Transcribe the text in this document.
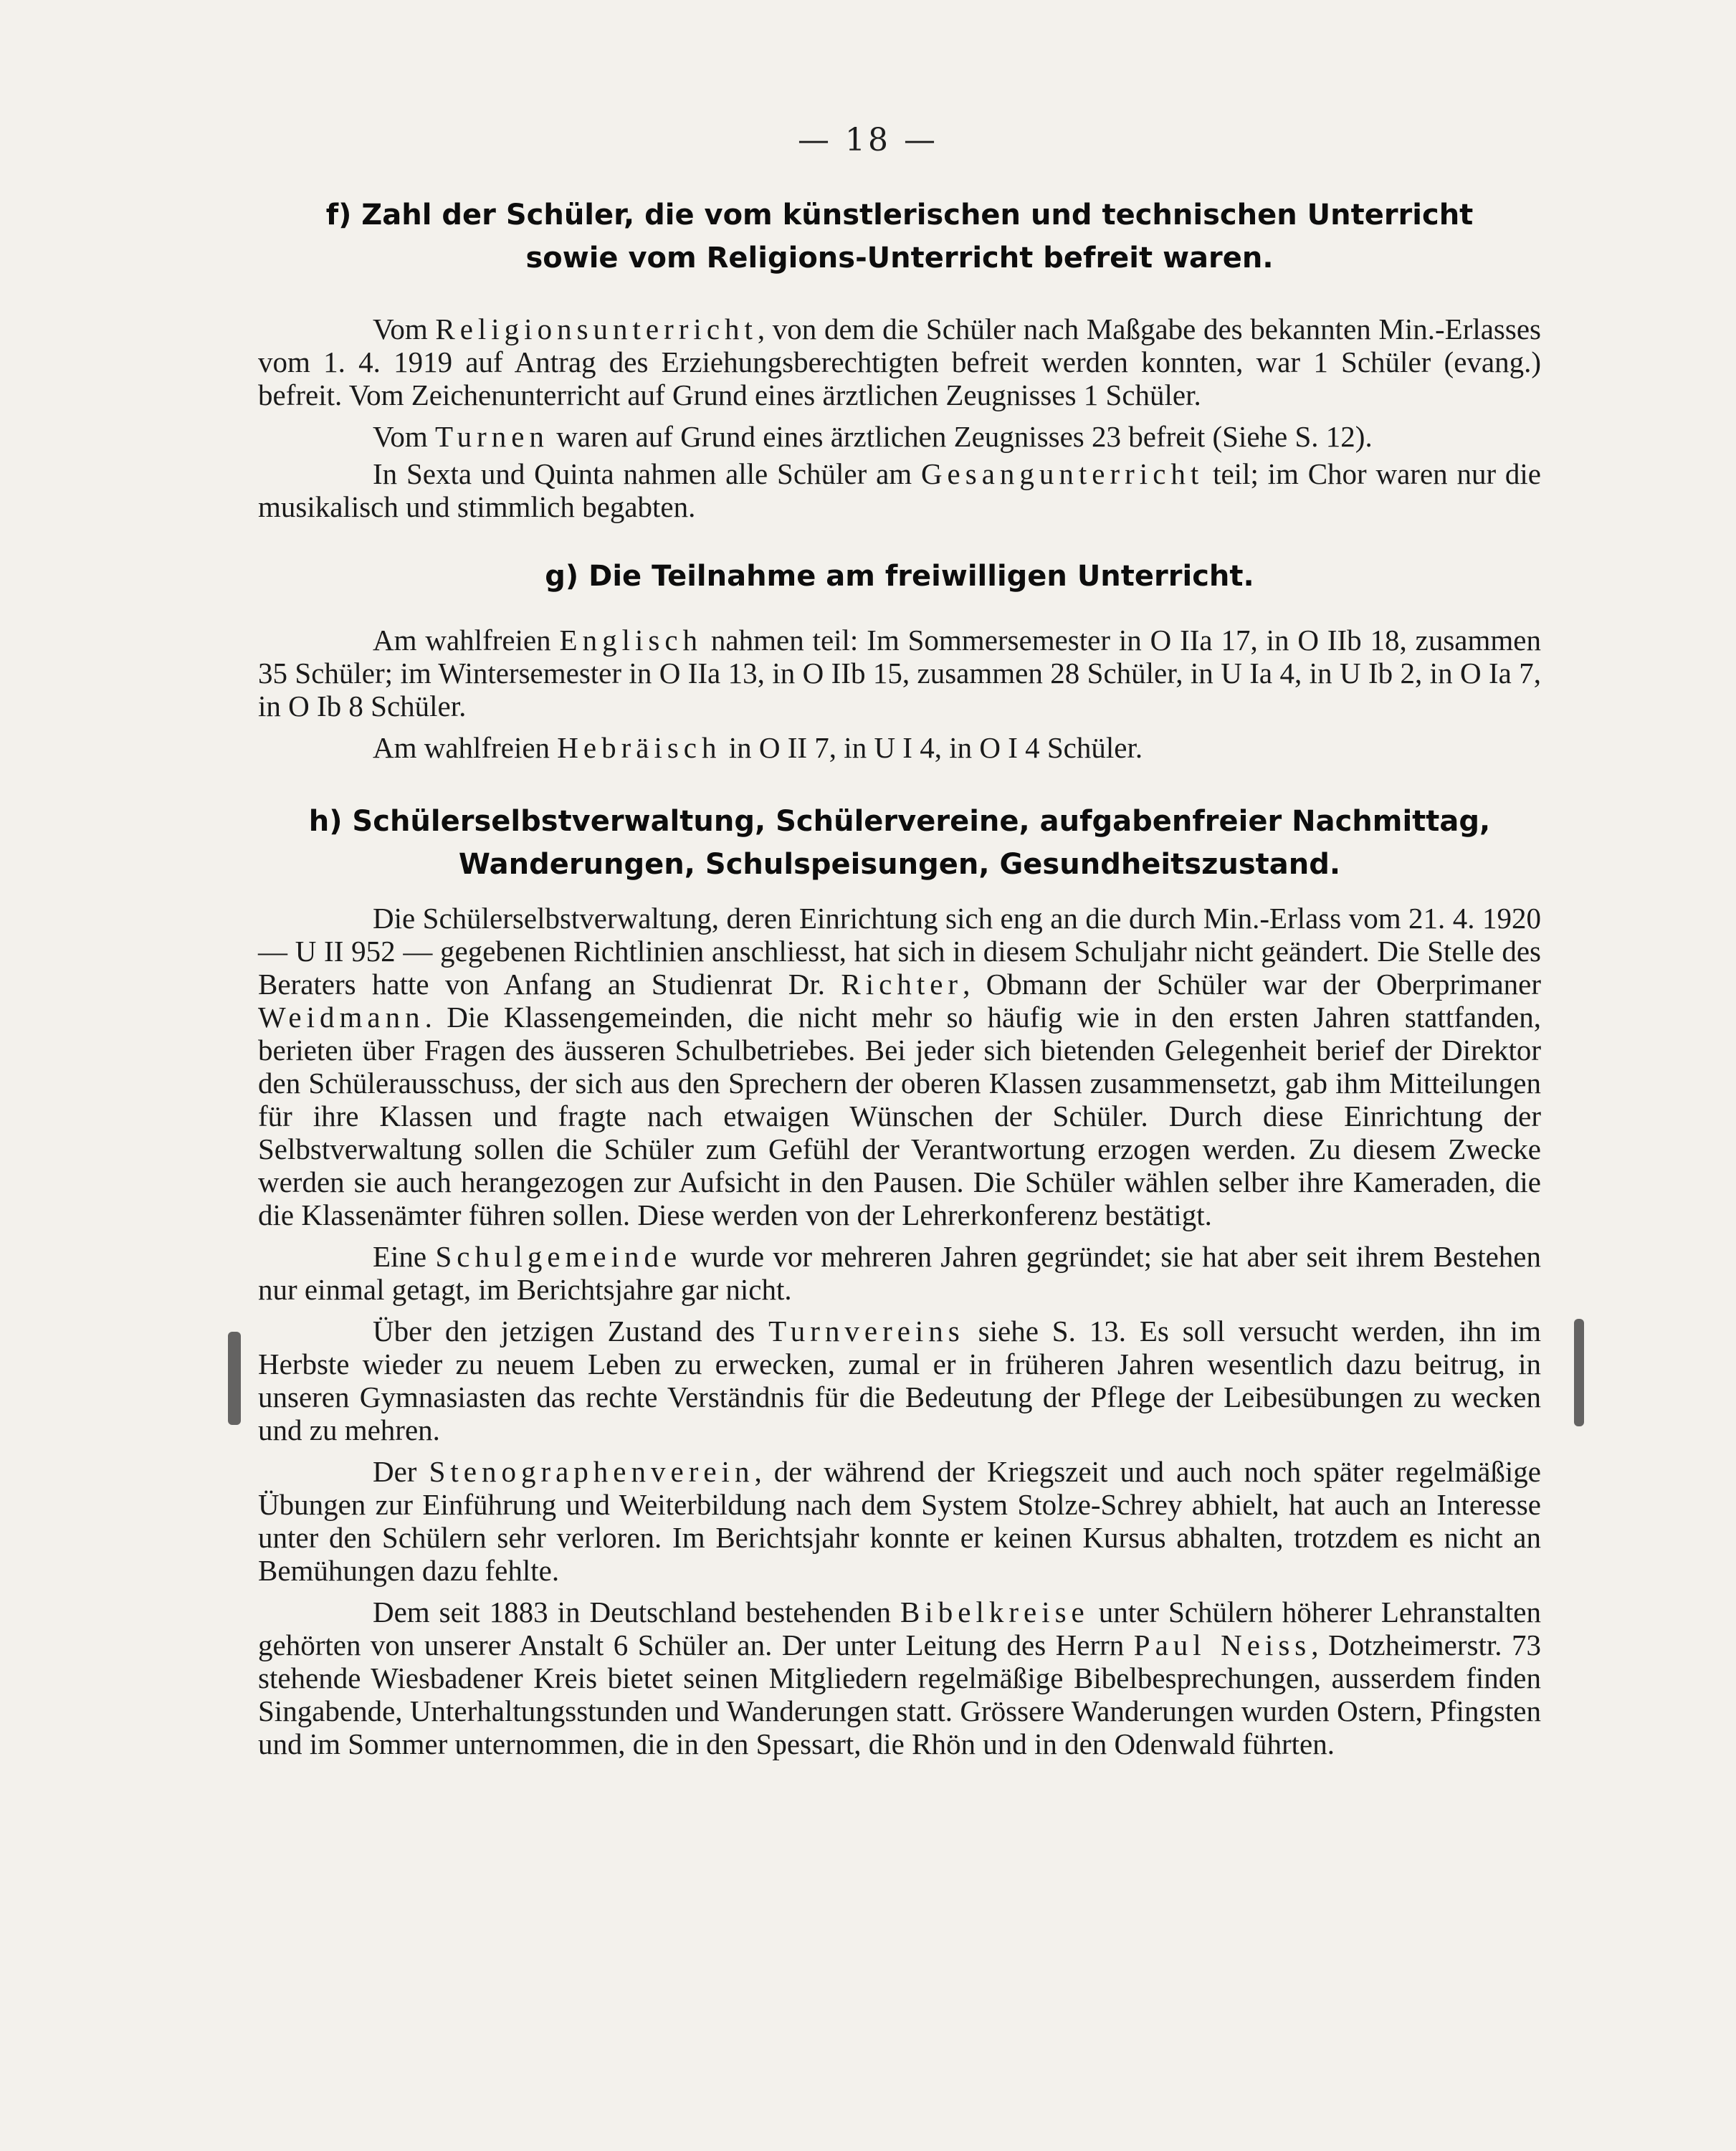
— 18 —
f) Zahl der Schüler, die vom künstlerischen und technischen Unterricht
sowie vom Religions-Unterricht befreit waren.

Vom Religionsunterricht, von dem die Schüler nach Maßgabe des bekannten Min.-Erlasses vom 1. 4. 1919 auf Antrag des Erziehungsberechtigten befreit werden konnten, war 1 Schüler (evang.) befreit. Vom Zeichenunterricht auf Grund eines ärztlichen Zeugnisses 1 Schüler.

Vom Turnen waren auf Grund eines ärztlichen Zeugnisses 23 befreit (Siehe S. 12).

In Sexta und Quinta nahmen alle Schüler am Gesangunterricht teil; im Chor waren nur die musikalisch und stimmlich begabten.

g) Die Teilnahme am freiwilligen Unterricht.

Am wahlfreien Englisch nahmen teil: Im Sommersemester in O IIa 17, in O IIb 18, zusammen 35 Schüler; im Wintersemester in O IIa 13, in O IIb 15, zusammen 28 Schüler, in U Ia 4, in U Ib 2, in O Ia 7, in O Ib 8 Schüler.

Am wahlfreien Hebräisch in O II 7, in U I 4, in O I 4 Schüler.

h) Schülerselbstverwaltung, Schülervereine, aufgabenfreier Nachmittag,
Wanderungen, Schulspeisungen, Gesundheitszustand.

Die Schülerselbstverwaltung, deren Einrichtung sich eng an die durch Min.-Erlass vom 21. 4. 1920 — U II 952 — gegebenen Richtlinien anschliesst, hat sich in diesem Schuljahr nicht geändert. Die Stelle des Beraters hatte von Anfang an Studienrat Dr. Richter, Obmann der Schüler war der Oberprimaner Weidmann. Die Klassengemeinden, die nicht mehr so häufig wie in den ersten Jahren stattfanden, berieten über Fragen des äusseren Schulbetriebes. Bei jeder sich bietenden Gelegenheit berief der Direktor den Schülerausschuss, der sich aus den Sprechern der oberen Klassen zusammensetzt, gab ihm Mitteilungen für ihre Klassen und fragte nach etwaigen Wünschen der Schüler. Durch diese Einrichtung der Selbstverwaltung sollen die Schüler zum Gefühl der Verantwortung erzogen werden. Zu diesem Zwecke werden sie auch herangezogen zur Aufsicht in den Pausen. Die Schüler wählen selber ihre Kameraden, die die Klassenämter führen sollen. Diese werden von der Lehrerkonferenz bestätigt.

Eine Schulgemeinde wurde vor mehreren Jahren gegründet; sie hat aber seit ihrem Bestehen nur einmal getagt, im Berichtsjahre gar nicht.

Über den jetzigen Zustand des Turnvereins siehe S. 13. Es soll versucht werden, ihn im Herbste wieder zu neuem Leben zu erwecken, zumal er in früheren Jahren wesentlich dazu beitrug, in unseren Gymnasiasten das rechte Verständnis für die Bedeutung der Pflege der Leibesübungen zu wecken und zu mehren.

Der Stenographenverein, der während der Kriegszeit und auch noch später regelmäßige Übungen zur Einführung und Weiterbildung nach dem System Stolze-Schrey abhielt, hat auch an Interesse unter den Schülern sehr verloren. Im Berichtsjahr konnte er keinen Kursus abhalten, trotzdem es nicht an Bemühungen dazu fehlte.

Dem seit 1883 in Deutschland bestehenden Bibelkreise unter Schülern höherer Lehranstalten gehörten von unserer Anstalt 6 Schüler an. Der unter Leitung des Herrn Paul Neiss, Dotzheimerstr. 73 stehende Wiesbadener Kreis bietet seinen Mitgliedern regelmäßige Bibelbesprechungen, ausserdem finden Singabende, Unterhaltungsstunden und Wanderungen statt. Grössere Wanderungen wurden Ostern, Pfingsten und im Sommer unternommen, die in den Spessart, die Rhön und in den Odenwald führten.
